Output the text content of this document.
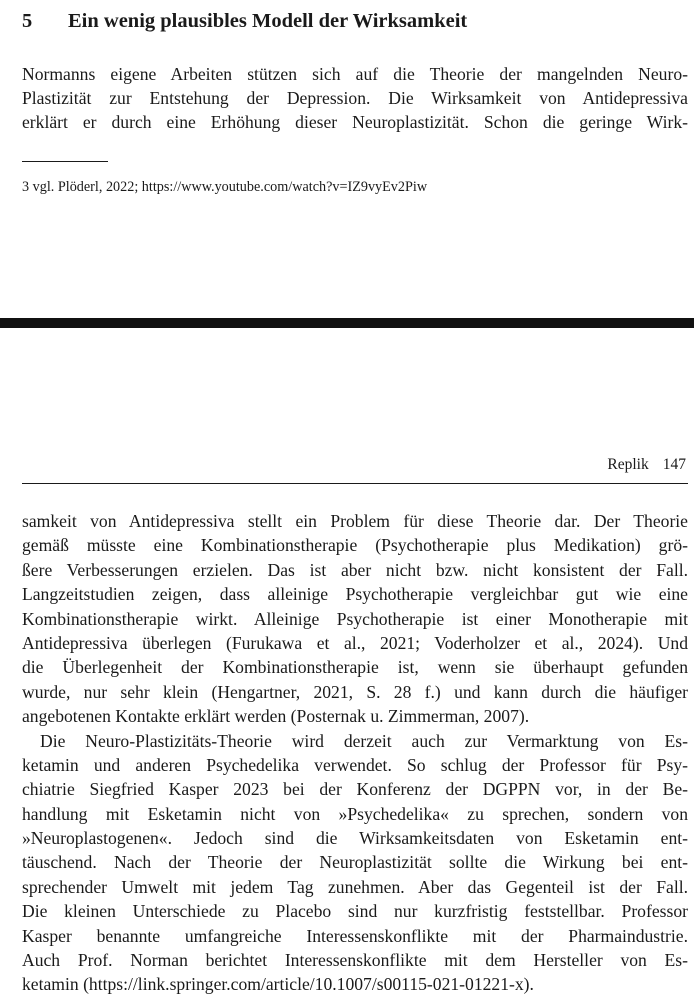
5 Ein wenig plausibles Modell der Wirksamkeit
Normanns eigene Arbeiten stützen sich auf die Theorie der mangelnden Neuro-
Plastizität zur Entstehung der Depression. Die Wirksamkeit von Antidepressiva
erklärt er durch eine Erhöhung dieser Neuroplastizität. Schon die geringe Wirk-
3 vgl. Plöderl, 2022; https://www.youtube.com/watch?v=IZ9vyEv2Piw
Replik 147
samkeit von Antidepressiva stellt ein Problem für diese Theorie dar. Der Theorie
gemäß müsste eine Kombinationstherapie (Psychotherapie plus Medikation) grö-
ßere Verbesserungen erzielen. Das ist aber nicht bzw. nicht konsistent der Fall.
Langzeitstudien zeigen, dass alleinige Psychotherapie vergleichbar gut wie eine
Kombinationstherapie wirkt. Alleinige Psychotherapie ist einer Monotherapie mit
Antidepressiva überlegen (Furukawa et al., 2021; Voderholzer et al., 2024). Und
die Überlegenheit der Kombinationstherapie ist, wenn sie überhaupt gefunden
wurde, nur sehr klein (Hengartner, 2021, S. 28 f.) und kann durch die häufiger
angebotenen Kontakte erklärt werden (Posternak u. Zimmerman, 2007).
Die Neuro-Plastizitäts-Theorie wird derzeit auch zur Vermarktung von Es-
ketamin und anderen Psychedelika verwendet. So schlug der Professor für Psy-
chiatrie Siegfried Kasper 2023 bei der Konferenz der DGPPN vor, in der Be-
handlung mit Esketamin nicht von »Psychedelika« zu sprechen, sondern von
»Neuroplastogenen«. Jedoch sind die Wirksamkeitsdaten von Esketamin ent-
täuschend. Nach der Theorie der Neuroplastizität sollte die Wirkung bei ent-
sprechender Umwelt mit jedem Tag zunehmen. Aber das Gegenteil ist der Fall.
Die kleinen Unterschiede zu Placebo sind nur kurzfristig feststellbar. Professor
Kasper benannte umfangreiche Interessenskonflikte mit der Pharmaindustrie.
Auch Prof. Norman berichtet Interessenskonflikte mit dem Hersteller von Es-
ketamin (https://link.springer.com/article/10.1007/s00115-021-01221-x).
